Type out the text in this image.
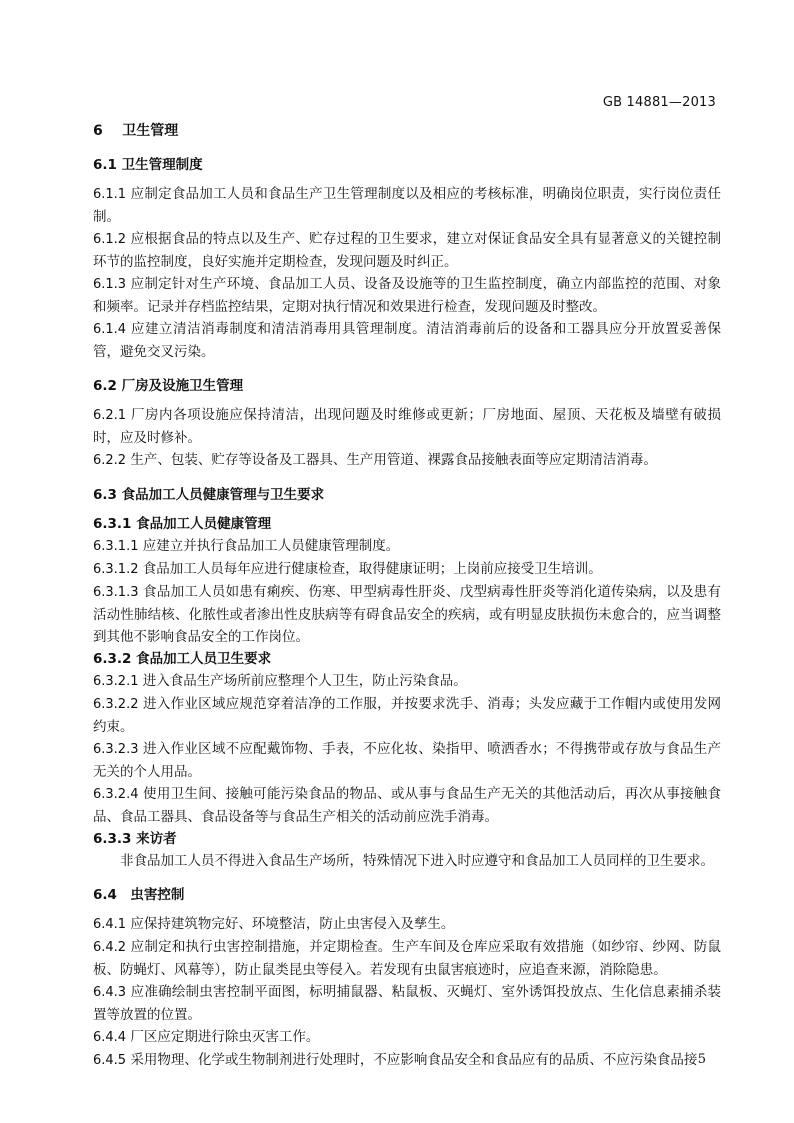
GB 14881—2013
6 卫生管理
6.1 卫生管理制度
6.1.1 应制定食品加工人员和食品生产卫生管理制度以及相应的考核标准，明确岗位职责，实行岗位责任制。
6.1.2 应根据食品的特点以及生产、贮存过程的卫生要求，建立对保证食品安全具有显著意义的关键控制环节的监控制度，良好实施并定期检查，发现问题及时纠正。
6.1.3 应制定针对生产环境、食品加工人员、设备及设施等的卫生监控制度，确立内部监控的范围、对象和频率。记录并存档监控结果，定期对执行情况和效果进行检查，发现问题及时整改。
6.1.4 应建立清洁消毒制度和清洁消毒用具管理制度。清洁消毒前后的设备和工器具应分开放置妥善保管，避免交叉污染。
6.2 厂房及设施卫生管理
6.2.1 厂房内各项设施应保持清洁，出现问题及时维修或更新；厂房地面、屋顶、天花板及墙壁有破损时，应及时修补。
6.2.2 生产、包装、贮存等设备及工器具、生产用管道、裸露食品接触表面等应定期清洁消毒。
6.3 食品加工人员健康管理与卫生要求
6.3.1 食品加工人员健康管理
6.3.1.1 应建立并执行食品加工人员健康管理制度。
6.3.1.2 食品加工人员每年应进行健康检查，取得健康证明；上岗前应接受卫生培训。
6.3.1.3 食品加工人员如患有痢疾、伤寒、甲型病毒性肝炎、戊型病毒性肝炎等消化道传染病，以及患有活动性肺结核、化脓性或者渗出性皮肤病等有碍食品安全的疾病，或有明显皮肤损伤未愈合的，应当调整到其他不影响食品安全的工作岗位。
6.3.2 食品加工人员卫生要求
6.3.2.1 进入食品生产场所前应整理个人卫生，防止污染食品。
6.3.2.2 进入作业区域应规范穿着洁净的工作服，并按要求洗手、消毒；头发应藏于工作帽内或使用发网约束。
6.3.2.3 进入作业区域不应配戴饰物、手表，不应化妆、染指甲、喷洒香水；不得携带或存放与食品生产无关的个人用品。
6.3.2.4 使用卫生间、接触可能污染食品的物品、或从事与食品生产无关的其他活动后，再次从事接触食品、食品工器具、食品设备等与食品生产相关的活动前应洗手消毒。
6.3.3 来访者
非食品加工人员不得进入食品生产场所，特殊情况下进入时应遵守和食品加工人员同样的卫生要求。
6.4　虫害控制
6.4.1 应保持建筑物完好、环境整洁，防止虫害侵入及孳生。
6.4.2 应制定和执行虫害控制措施，并定期检查。生产车间及仓库应采取有效措施（如纱帘、纱网、防鼠板、防蝇灯、风幕等），防止鼠类昆虫等侵入。若发现有虫鼠害痕迹时，应追查来源，消除隐患。
6.4.3 应准确绘制虫害控制平面图，标明捕鼠器、粘鼠板、灭蝇灯、室外诱饵投放点、生化信息素捕杀装置等放置的位置。
6.4.4 厂区应定期进行除虫灭害工作。
6.4.5 采用物理、化学或生物制剂进行处理时，不应影响食品安全和食品应有的品质、不应污染食品接 5
